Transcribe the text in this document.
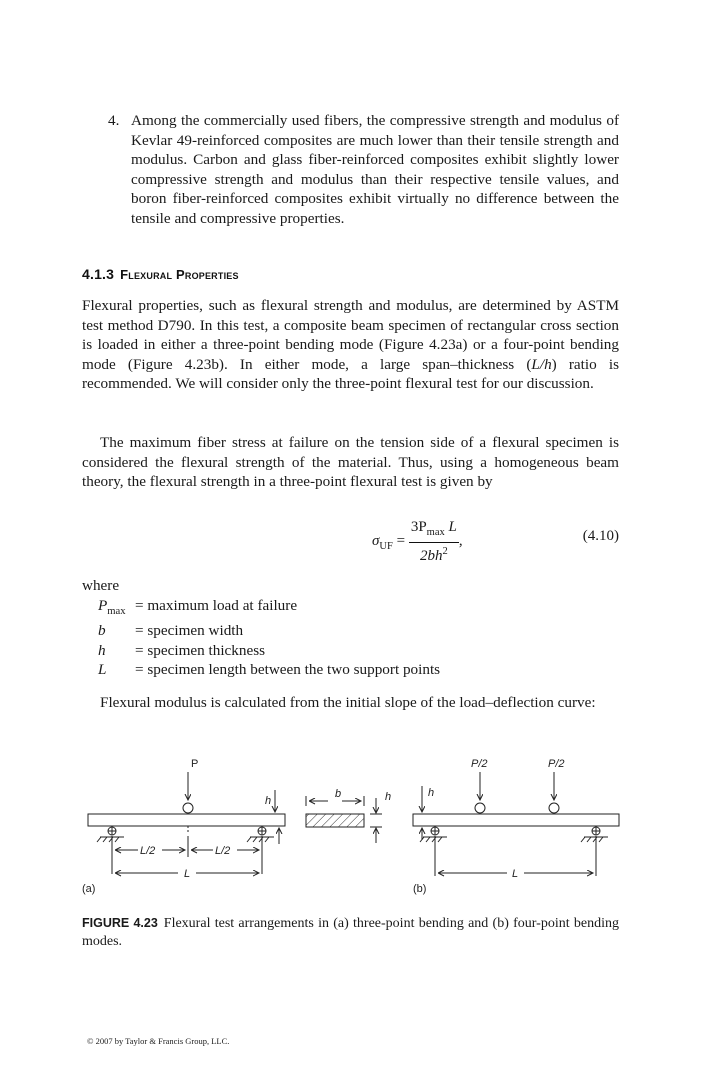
4. Among the commercially used fibers, the compressive strength and modulus of Kevlar 49-reinforced composites are much lower than their tensile strength and modulus. Carbon and glass fiber-reinforced composites exhibit slightly lower compressive strength and modulus than their respective tensile values, and boron fiber-reinforced composites exhibit virtually no difference between the tensile and compressive properties.
4.1.3 Flexural Properties
Flexural properties, such as flexural strength and modulus, are determined by ASTM test method D790. In this test, a composite beam specimen of rectangular cross section is loaded in either a three-point bending mode (Figure 4.23a) or a four-point bending mode (Figure 4.23b). In either mode, a large span–thickness (L/h) ratio is recommended. We will consider only the three-point flexural test for our discussion.
The maximum fiber stress at failure on the tension side of a flexural specimen is considered the flexural strength of the material. Thus, using a homogeneous beam theory, the flexural strength in a three-point flexural test is given by
$\sigma_{UF} = \frac{3P_{max} L}{2bh^2}$ ,	(4.10)
where
$P_{max}$ = maximum load at failure
b	= specimen width
h	= specimen thickness
L	= specimen length between the two support points
Flexural modulus is calculated from the initial slope of the load–deflection curve:
P
h
L/2	L/2
L
(a)
b	h
P/2	P/2
h
L
(b)
FIGURE 4.23 Flexural test arrangements in (a) three-point bending and (b) four-point bending modes.
© 2007 by Taylor & Francis Group, LLC.
